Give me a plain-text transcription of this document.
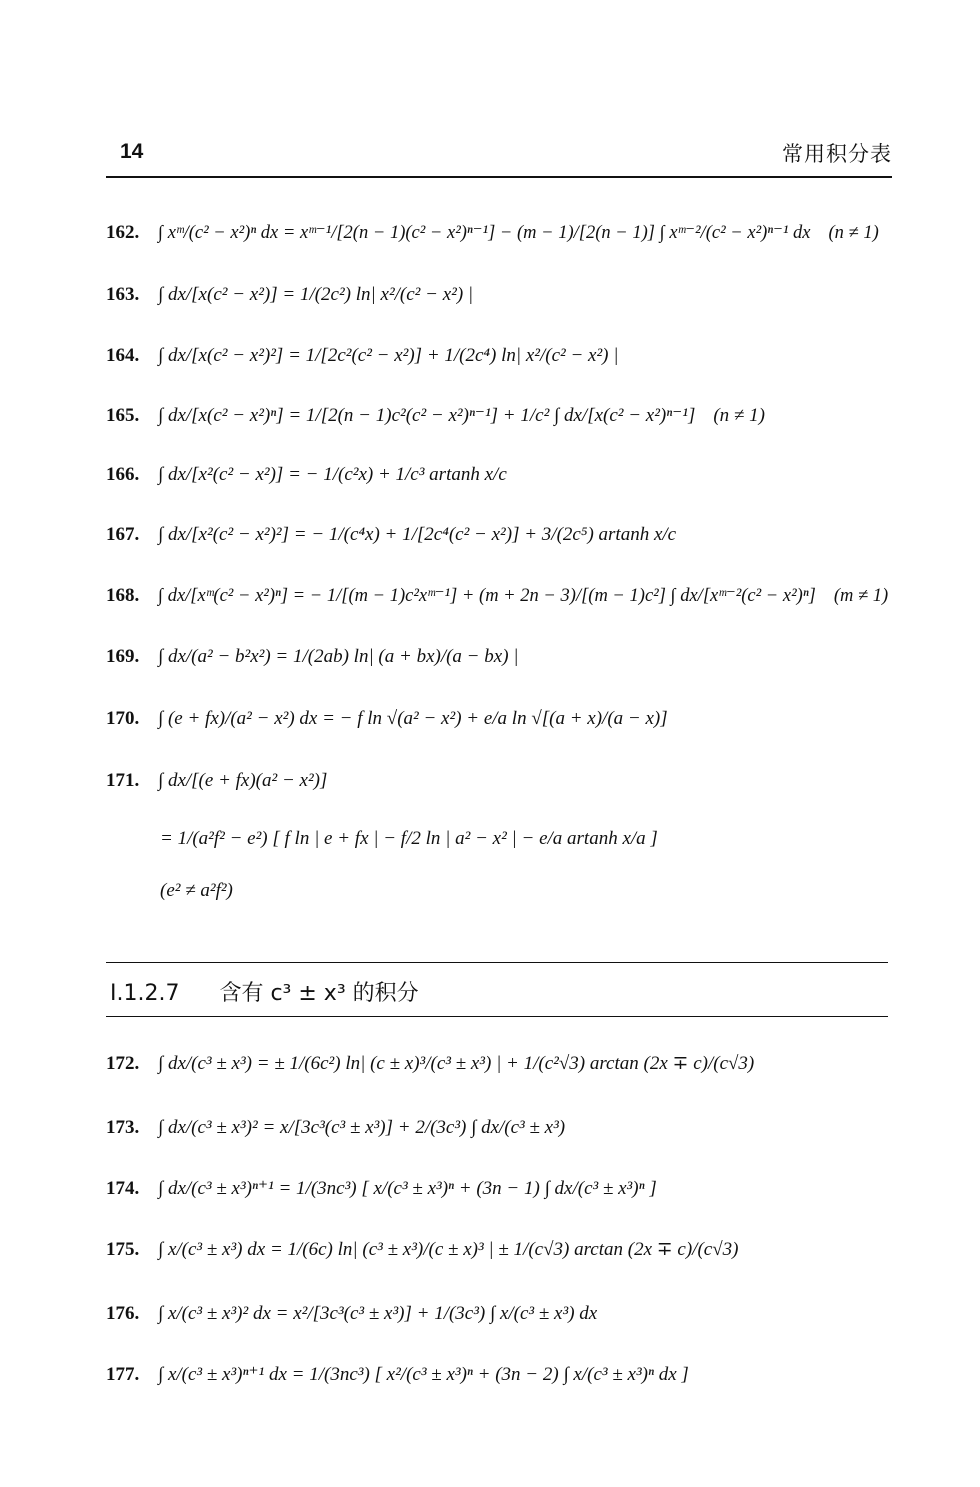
14	常用积分表
162. ∫ xᵐ/(c² − x²)ⁿ dx = xᵐ⁻¹/[2(n − 1)(c² − x²)ⁿ⁻¹] − (m − 1)/[2(n − 1)] ∫ xᵐ⁻²/(c² − x²)ⁿ⁻¹ dx (n ≠ 1)
163. ∫ dx/[x(c² − x²)] = 1/(2c²) ln| x²/(c² − x²) |
164. ∫ dx/[x(c² − x²)²] = 1/[2c²(c² − x²)] + 1/(2c⁴) ln| x²/(c² − x²) |
165. ∫ dx/[x(c² − x²)ⁿ] = 1/[2(n − 1)c²(c² − x²)ⁿ⁻¹] + 1/c² ∫ dx/[x(c² − x²)ⁿ⁻¹] (n ≠ 1)
166. ∫ dx/[x²(c² − x²)] = − 1/(c²x) + 1/c³ artanh x/c
167. ∫ dx/[x²(c² − x²)²] = − 1/(c⁴x) + 1/[2c⁴(c² − x²)] + 3/(2c⁵) artanh x/c
168. ∫ dx/[xᵐ(c² − x²)ⁿ] = − 1/[(m − 1)c²xᵐ⁻¹] + (m + 2n − 3)/[(m − 1)c²] ∫ dx/[xᵐ⁻²(c² − x²)ⁿ] (m ≠ 1)
169. ∫ dx/(a² − b²x²) = 1/(2ab) ln| (a + bx)/(a − bx) |
170. ∫ (e + fx)/(a² − x²) dx = − f ln √(a² − x²) + e/a ln √[(a + x)/(a − x)]
171. ∫ dx/[(e + fx)(a² − x²)]
= 1/(a²f² − e²) [ f ln | e + fx | − f/2 ln | a² − x² | − e/a artanh x/a ]
(e² ≠ a²f²)
Ⅰ.1.2.7 含有 c³ ± x³ 的积分
172. ∫ dx/(c³ ± x³) = ± 1/(6c²) ln| (c ± x)³/(c³ ± x³) | + 1/(c²√3) arctan (2x ∓ c)/(c√3)
173. ∫ dx/(c³ ± x³)² = x/[3c³(c³ ± x³)] + 2/(3c³) ∫ dx/(c³ ± x³)
174. ∫ dx/(c³ ± x³)ⁿ⁺¹ = 1/(3nc³) [ x/(c³ ± x³)ⁿ + (3n − 1) ∫ dx/(c³ ± x³)ⁿ ]
175. ∫ x/(c³ ± x³) dx = 1/(6c) ln| (c³ ± x³)/(c ± x)³ | ± 1/(c√3) arctan (2x ∓ c)/(c√3)
176. ∫ x/(c³ ± x³)² dx = x²/[3c³(c³ ± x³)] + 1/(3c³) ∫ x/(c³ ± x³) dx
177. ∫ x/(c³ ± x³)ⁿ⁺¹ dx = 1/(3nc³) [ x²/(c³ ± x³)ⁿ + (3n − 2) ∫ x/(c³ ± x³)ⁿ dx ]
